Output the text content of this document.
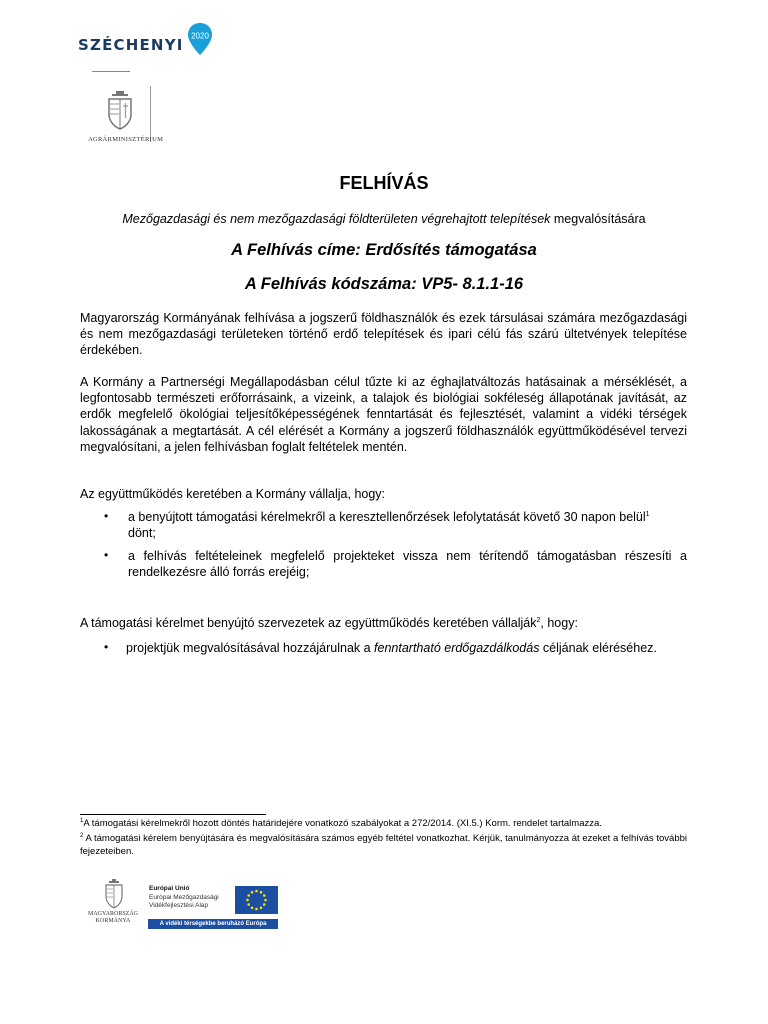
SZÉCHENYI 2020
AGRÁRMINISZTÉRIUM
FELHÍVÁS
Mezőgazdasági és nem mezőgazdasági földterületen végrehajtott telepítések megvalósítására
A Felhívás címe: Erdősítés támogatása
A Felhívás kódszáma: VP5- 8.1.1-16
Magyarország Kormányának felhívása a jogszerű földhasználók és ezek társulásai számára mezőgazdasági és nem mezőgazdasági területeken történő erdő telepítések és ipari célú fás szárú ültetvények telepítése érdekében.
A Kormány a Partnerségi Megállapodásban célul tűzte ki az éghajlatváltozás hatásainak a mérséklését, a legfontosabb természeti erőforrásaink, a vizeink, a talajok és biológiai sokféleség állapotának javítását, az erdők megfelelő ökológiai teljesítőképességének fenntartását és fejlesztését, valamint a vidéki térségek lakosságának a megtartását. A cél elérését a Kormány a jogszerű földhasználók együttműködésével tervezi megvalósítani, a jelen felhívásban foglalt feltételek mentén.
Az együttműködés keretében a Kormány vállalja, hogy:
• a benyújtott támogatási kérelmekről a keresztellenőrzések lefolytatását követő 30 napon belül$^1$
dönt;
• a felhívás feltételeinek megfelelő projekteket vissza nem térítendő támogatásban részesíti a rendelkezésre álló forrás erejéig;
A támogatási kérelmet benyújtó szervezetek az együttműködés keretében vállalják$^2$, hogy:
• projektjük megvalósításával hozzájárulnak a fenntartható erdőgazdálkodás céljának eléréséhez.
$^1$A támogatási kérelmekről hozott döntés határidejére vonatkozó szabályokat a 272/2014. (XI.5.) Korm. rendelet tartalmazza.
$^2$ A támogatási kérelem benyújtására és megvalósítására számos egyéb feltétel vonatkozhat. Kérjük, tanulmányozza át ezeket a felhívás további fejezeteiben.
MAGYARORSZÁG
KORMÁNYA
Európai Unió
Európai Mezőgazdasági
Vidékfejlesztési Alap
A vidéki térségekbe beruházó Európa
